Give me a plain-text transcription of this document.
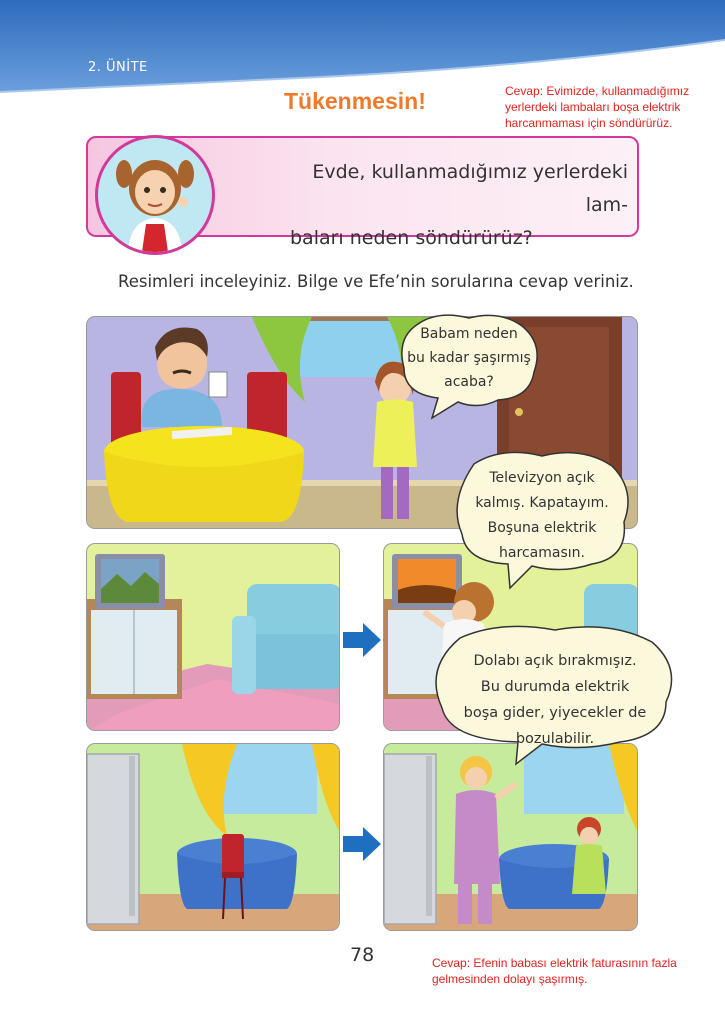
2. ÜNİTE
Tükenmesin!	Cevap: Evimizde, kullanmadığımız
yerlerdeki lambaları boşa elektrik
harcanmaması için söndürürüz.
Evde, kullanmadığımız yerlerdeki lam-
baları neden söndürürüz?
Resimleri inceleyiniz. Bilge ve Efe’nin sorularına cevap veriniz.
Babam neden
bu kadar şaşırmış
acaba?
Televizyon açık
kalmış. Kapatayım.
Boşuna elektrik
harcamasın.
Dolabı açık bırakmışız.
Bu durumda elektrik
boşa gider, yiyecekler de
bozulabilir.
78	Cevap: Efenin babası elektrik faturasının fazla
gelmesinden dolayı şaşırmış.
